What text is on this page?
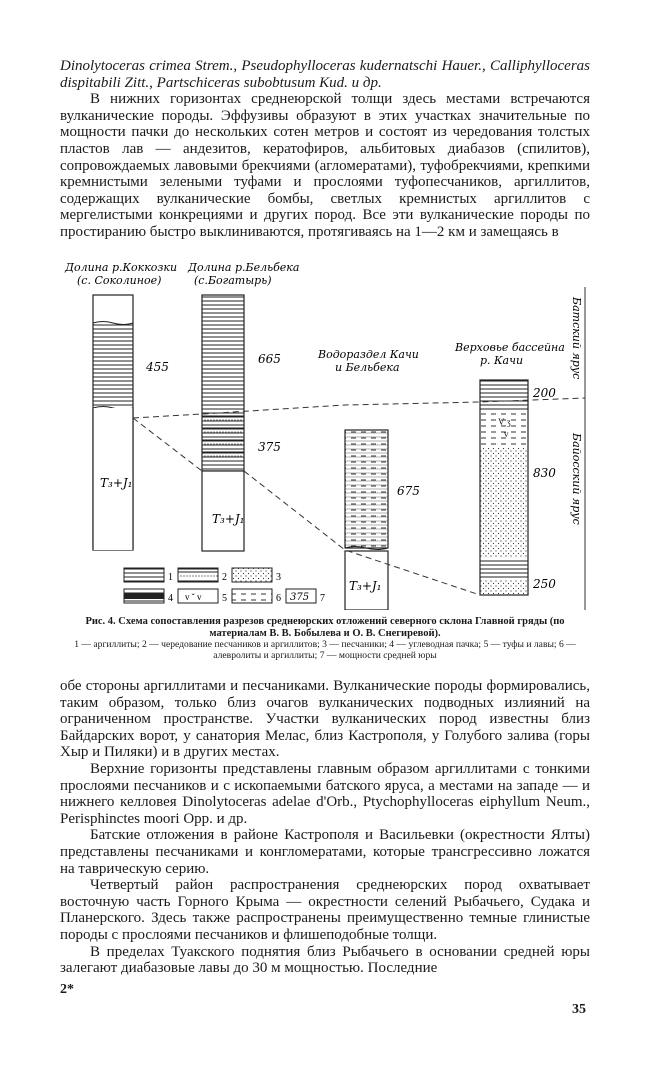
Dinolytoceras crimea Strem., Pseudophylloceras kudernatschi Hauer., Calliphylloceras dispitabili Zitt., Partschiceras subobtusum Kud. и др.

В нижних горизонтах среднеюрской толщи здесь местами встречаются вулканические породы. Эффузивы образуют в этих участках значительные по мощности пачки до нескольких сотен метров и состоят из чередования толстых пластов лав — андезитов, кератофиров, альбитовых диабазов (спилитов), сопровождаемых лавовыми брекчиями (агломератами), туфобрекчиями, крепкими кремнистыми зелеными туфами и прослоями туфопесчаников, аргиллитов, содержащих вулканические бомбы, светлых кремнистых аргиллитов с мергелистыми конкрециями и других пород. Все эти вулканические породы по простиранию быстро выклиниваются, протягиваясь на 1—2 км и замещаясь в

Долина р.Коккозки
(с. Соколиное)
Долина р.Бельбека
(с.Богатырь)
Водораздел Качи
и Бельбека
Верховье бассейна
р. Качи
455
T₃+J₁
665
375
T₃+J₁
675
T₃+J₁
V ʒ
v
200
830
250
Батский ярус
Байосский ярус
1	2	3
4 v ˇ v 5	6 375 7
Рис. 4. Схема сопоставления разрезов среднеюрских отложений северного склона Главной гряды (по материалам В. В. Бобылева и О. В. Снегиревой).
1 — аргиллиты; 2 — чередование песчаников и аргиллитов; 3 — песчаники; 4 — углеводная пачка; 5 — туфы и лавы; 6 — алевролиты и аргиллиты; 7 — мощности средней юры

обе стороны аргиллитами и песчаниками. Вулканические породы формировались, таким образом, только близ очагов вулканических подводных излияний на ограниченном пространстве. Участки вулканических пород известны близ Байдарских ворот, у санатория Мелас, близ Кастрополя, у Голубого залива (горы Хыр и Пиляки) и в других местах.

Верхние горизонты представлены главным образом аргиллитами с тонкими прослоями песчаников и с ископаемыми батского яруса, а местами на западе — и нижнего келловея Dinolytoceras adelae d'Orb., Ptychophylloceras eiphyllum Neum., Perisphinctes moori Opp. и др.

Батские отложения в районе Кастрополя и Васильевки (окрестности Ялты) представлены песчаниками и конгломератами, которые трансгрессивно ложатся на таврическую серию.

Четвертый район распространения среднеюрских пород охватывает восточную часть Горного Крыма — окрестности селений Рыбачьего, Судака и Планерского. Здесь также распространены преимущественно темные глинистые породы с прослоями песчаников и флишеподобные толщи.

В пределах Туакского поднятия близ Рыбачьего в основании средней юры залегают диабазовые лавы до 30 м мощностью. Последние

2*
35
